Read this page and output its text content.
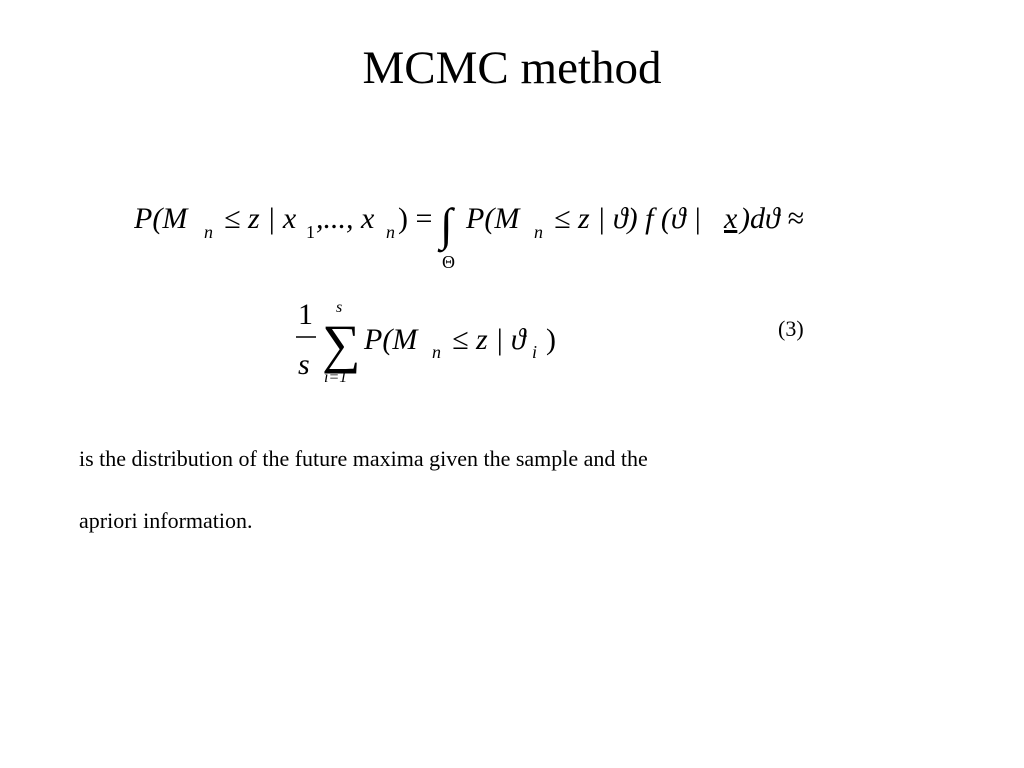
MCMC method
P(M n ≤ z | x 1 ,..., x n ) = ∫
Θ
P(M n ≤ z | ϑ) f (ϑ | x )dϑ ≈
1
s
s
∑
i=1
P(M n ≤ z | ϑ i )	(3)
is the distribution of the future maxima given the sample and the
apriori information.
